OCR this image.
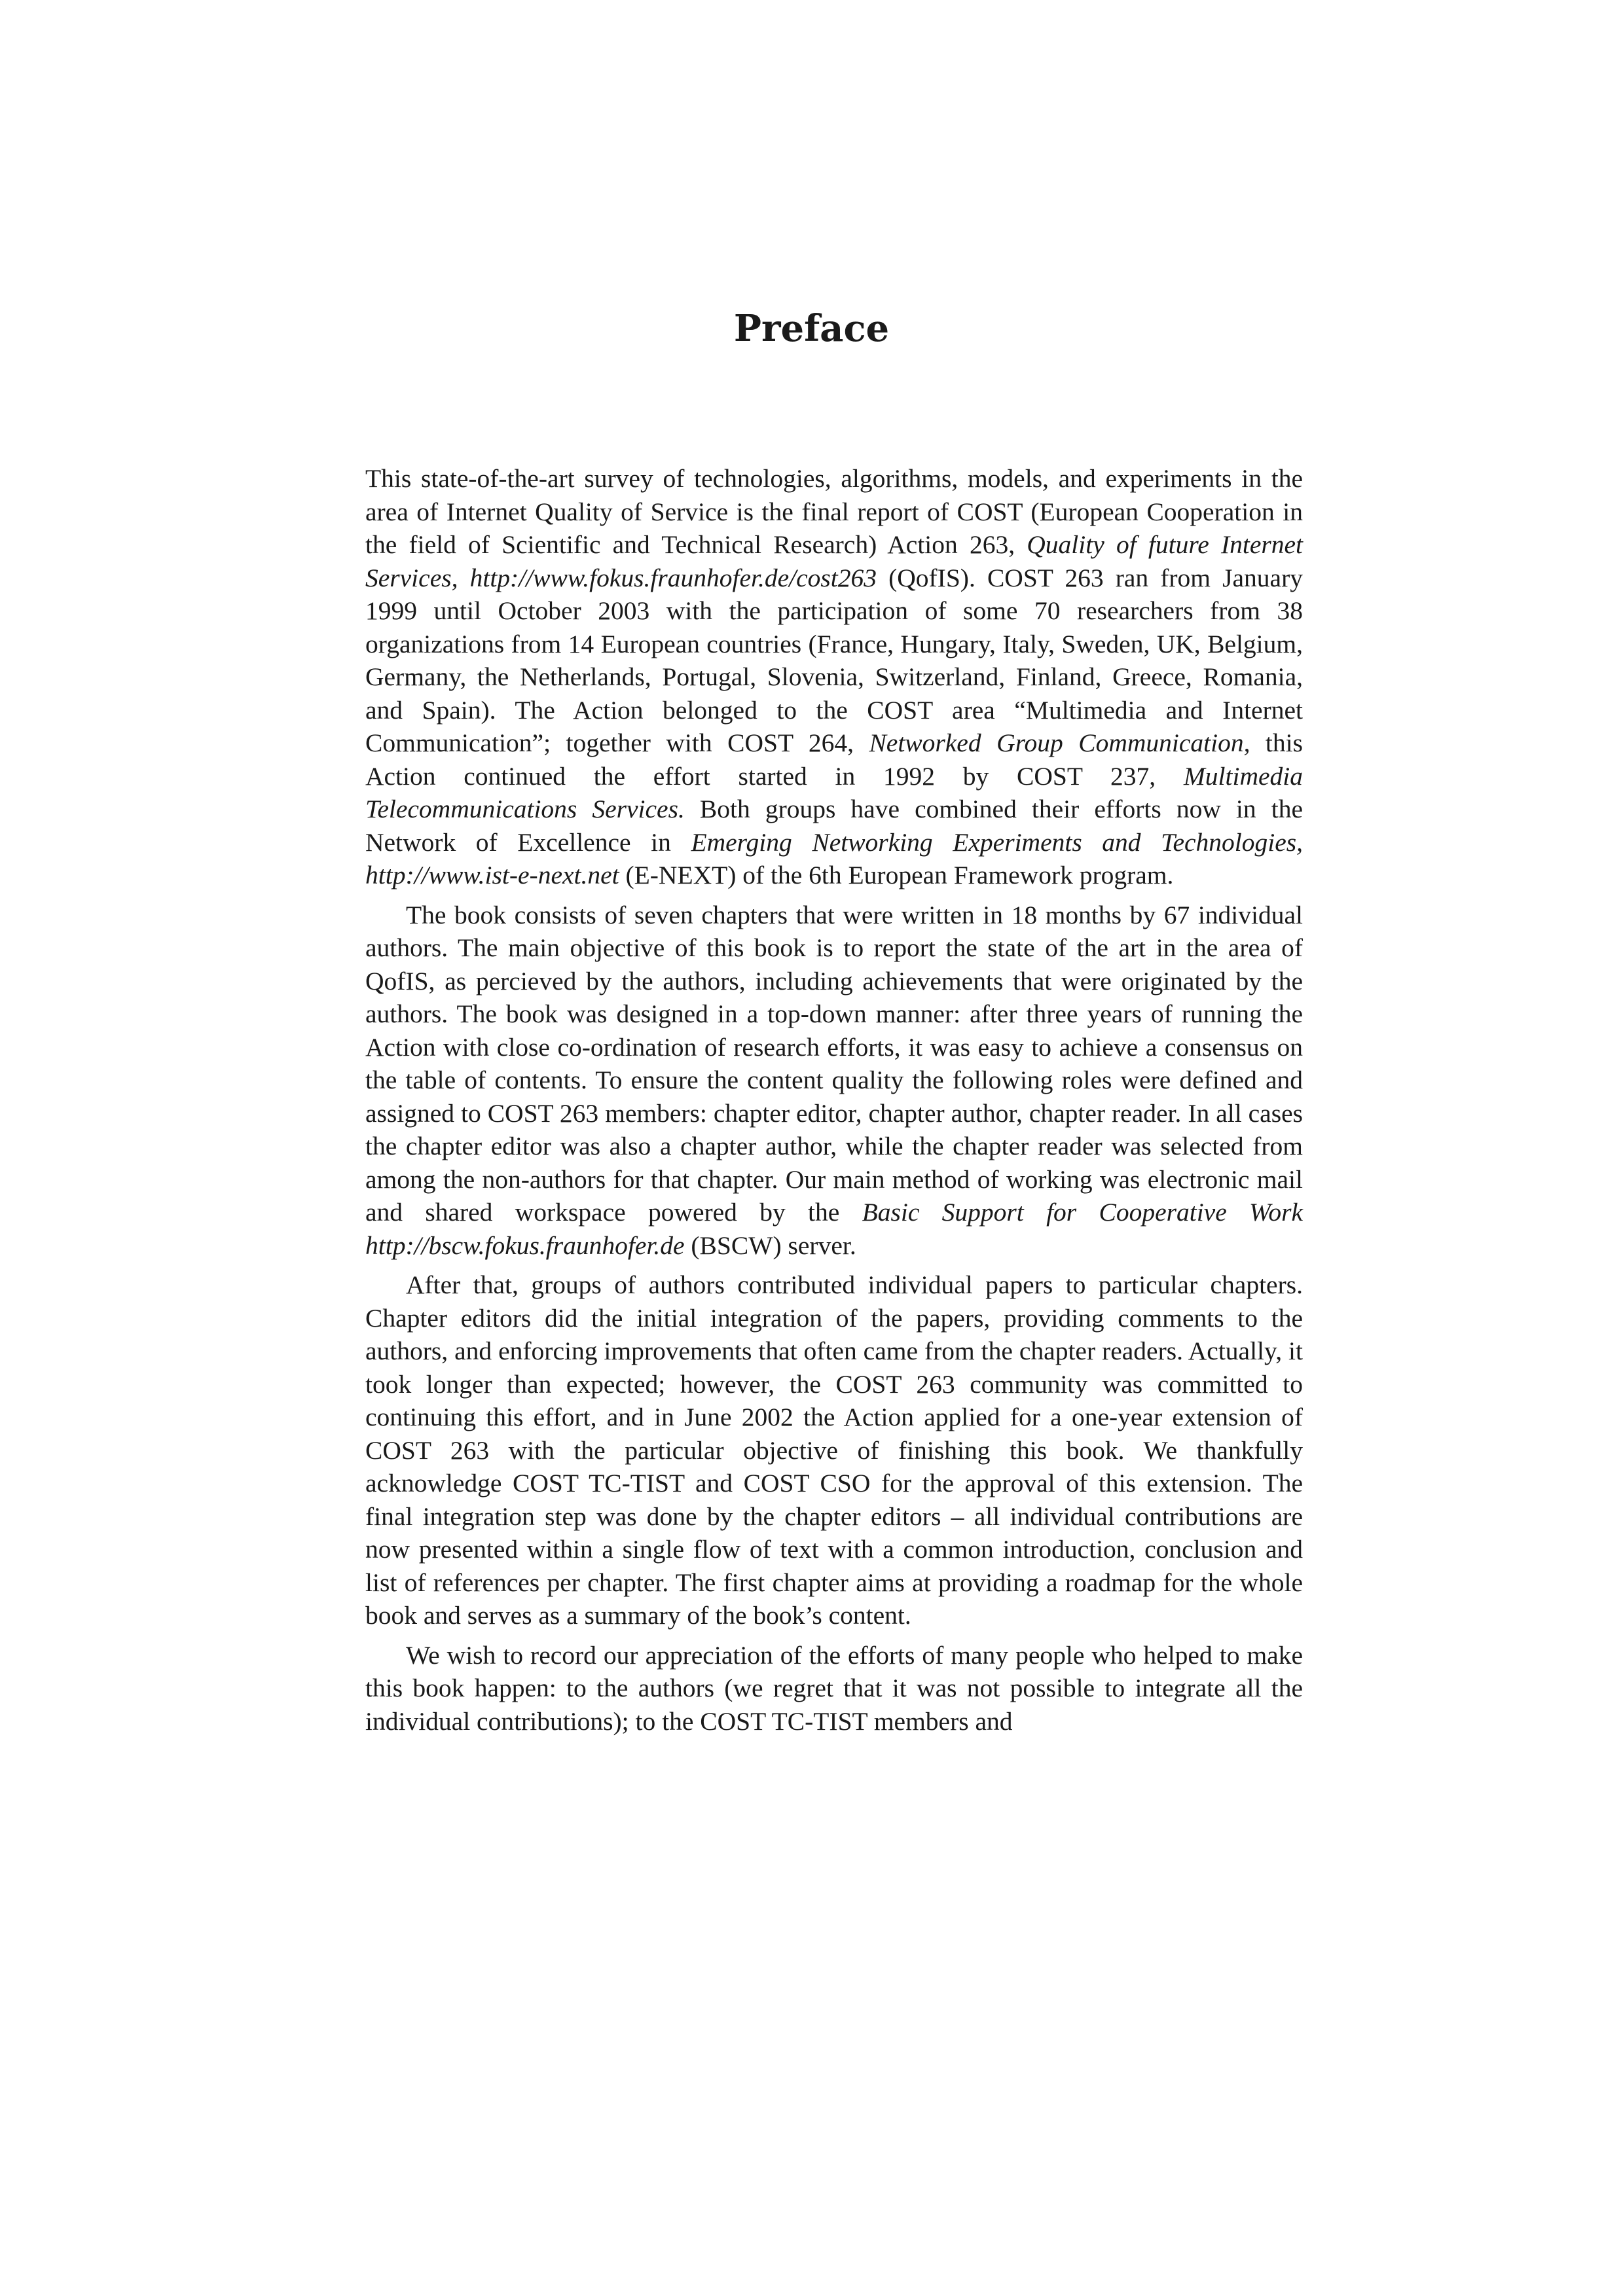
Preface

This state-of-the-art survey of technologies, algorithms, models, and experiments in the area of Internet Quality of Service is the final report of COST (European Cooperation in the field of Scientific and Technical Research) Action 263, Quality of future Internet Services, http://www.fokus.fraunhofer.de/cost263 (QofIS). COST 263 ran from January 1999 until October 2003 with the participation of some 70 researchers from 38 organizations from 14 European countries (France, Hungary, Italy, Sweden, UK, Belgium, Germany, the Netherlands, Portugal, Slovenia, Switzerland, Finland, Greece, Romania, and Spain). The Action belonged to the COST area “Multimedia and Internet Communication”; together with COST 264, Networked Group Communication, this Action continued the effort started in 1992 by COST 237, Multimedia Telecommunications Services. Both groups have combined their efforts now in the Network of Excellence in Emerging Networking Experiments and Technologies, http://www.ist-e-next.net (E-NEXT) of the 6th European Framework program.

The book consists of seven chapters that were written in 18 months by 67 individual authors. The main objective of this book is to report the state of the art in the area of QofIS, as percieved by the authors, including achievements that were originated by the authors. The book was designed in a top-down manner: after three years of running the Action with close co-ordination of research efforts, it was easy to achieve a consensus on the table of contents. To ensure the content quality the following roles were defined and assigned to COST 263 members: chapter editor, chapter author, chapter reader. In all cases the chapter editor was also a chapter author, while the chapter reader was selected from among the non-authors for that chapter. Our main method of working was electronic mail and shared workspace powered by the Basic Support for Cooperative Work http://bscw.fokus.fraunhofer.de (BSCW) server.

After that, groups of authors contributed individual papers to particular chapters. Chapter editors did the initial integration of the papers, providing comments to the authors, and enforcing improvements that often came from the chapter readers. Actually, it took longer than expected; however, the COST 263 community was committed to continuing this effort, and in June 2002 the Action applied for a one-year extension of COST 263 with the particular objective of finishing this book. We thankfully acknowledge COST TC-TIST and COST CSO for the approval of this extension. The final integration step was done by the chapter editors – all individual contributions are now presented within a single flow of text with a common introduction, conclusion and list of references per chapter. The first chapter aims at providing a roadmap for the whole book and serves as a summary of the book’s content.

We wish to record our appreciation of the efforts of many people who helped to make this book happen: to the authors (we regret that it was not possible to integrate all the individual contributions); to the COST TC-TIST members and
